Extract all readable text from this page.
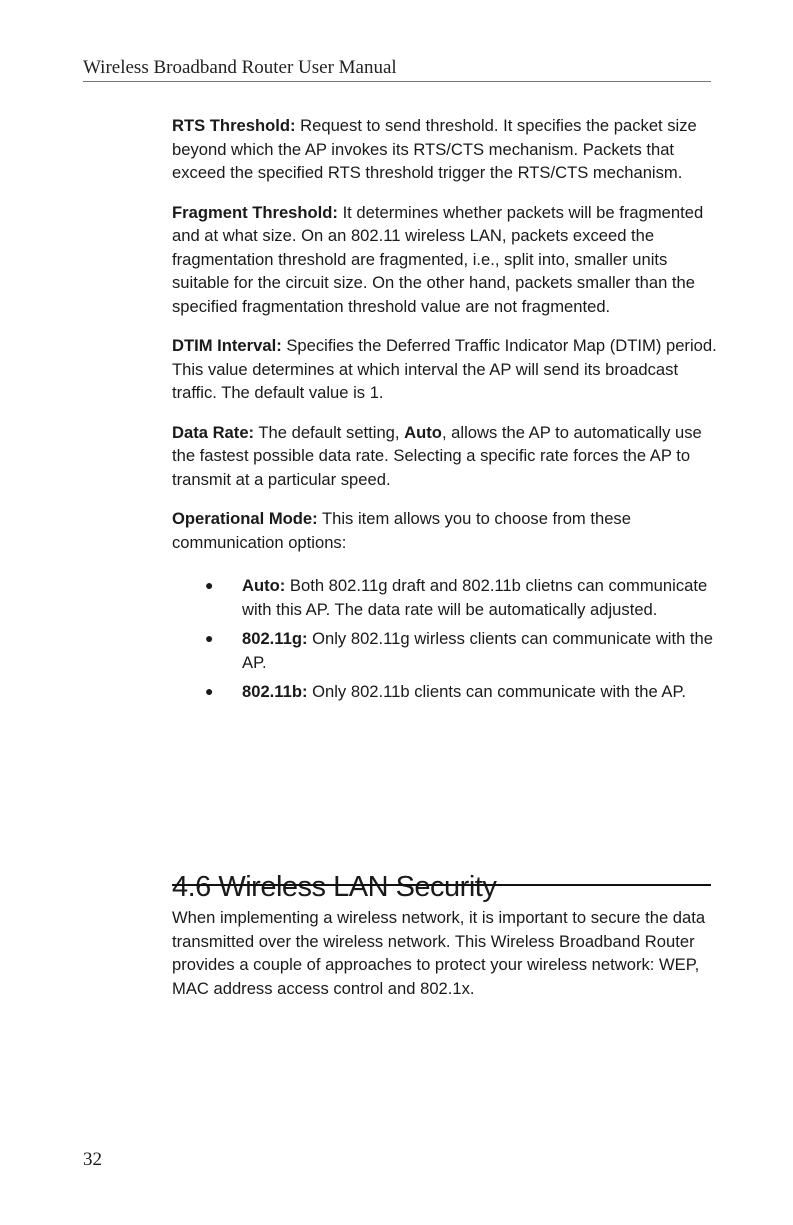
Wireless Broadband Router User Manual

RTS Threshold: Request to send threshold. It specifies the packet size beyond which the AP invokes its RTS/CTS mechanism. Packets that exceed the specified RTS threshold trigger the RTS/CTS mechanism.

Fragment Threshold: It determines whether packets will be fragmented and at what size. On an 802.11 wireless LAN, packets exceed the fragmentation threshold are fragmented, i.e., split into, smaller units suitable for the circuit size. On the other hand, packets smaller than the specified fragmentation threshold value are not fragmented.

DTIM Interval: Specifies the Deferred Traffic Indicator Map (DTIM) period. This value determines at which interval the AP will send its broadcast traffic. The default value is 1.

Data Rate: The default setting, Auto, allows the AP to automatically use the fastest possible data rate. Selecting a specific rate forces the AP to transmit at a particular speed.

Operational Mode: This item allows you to choose from these communication options:

● Auto: Both 802.11g draft and 802.11b clietns can communicate with this AP. The data rate will be automatically adjusted.
● 802.11g: Only 802.11g wirless clients can communicate with the AP.
● 802.11b: Only 802.11b clients can communicate with the AP.
4.6 Wireless LAN Security

When implementing a wireless network, it is important to secure the data transmitted over the wireless network. This Wireless Broadband Router provides a couple of approaches to protect your wireless network: WEP, MAC address access control and 802.1x.

32
